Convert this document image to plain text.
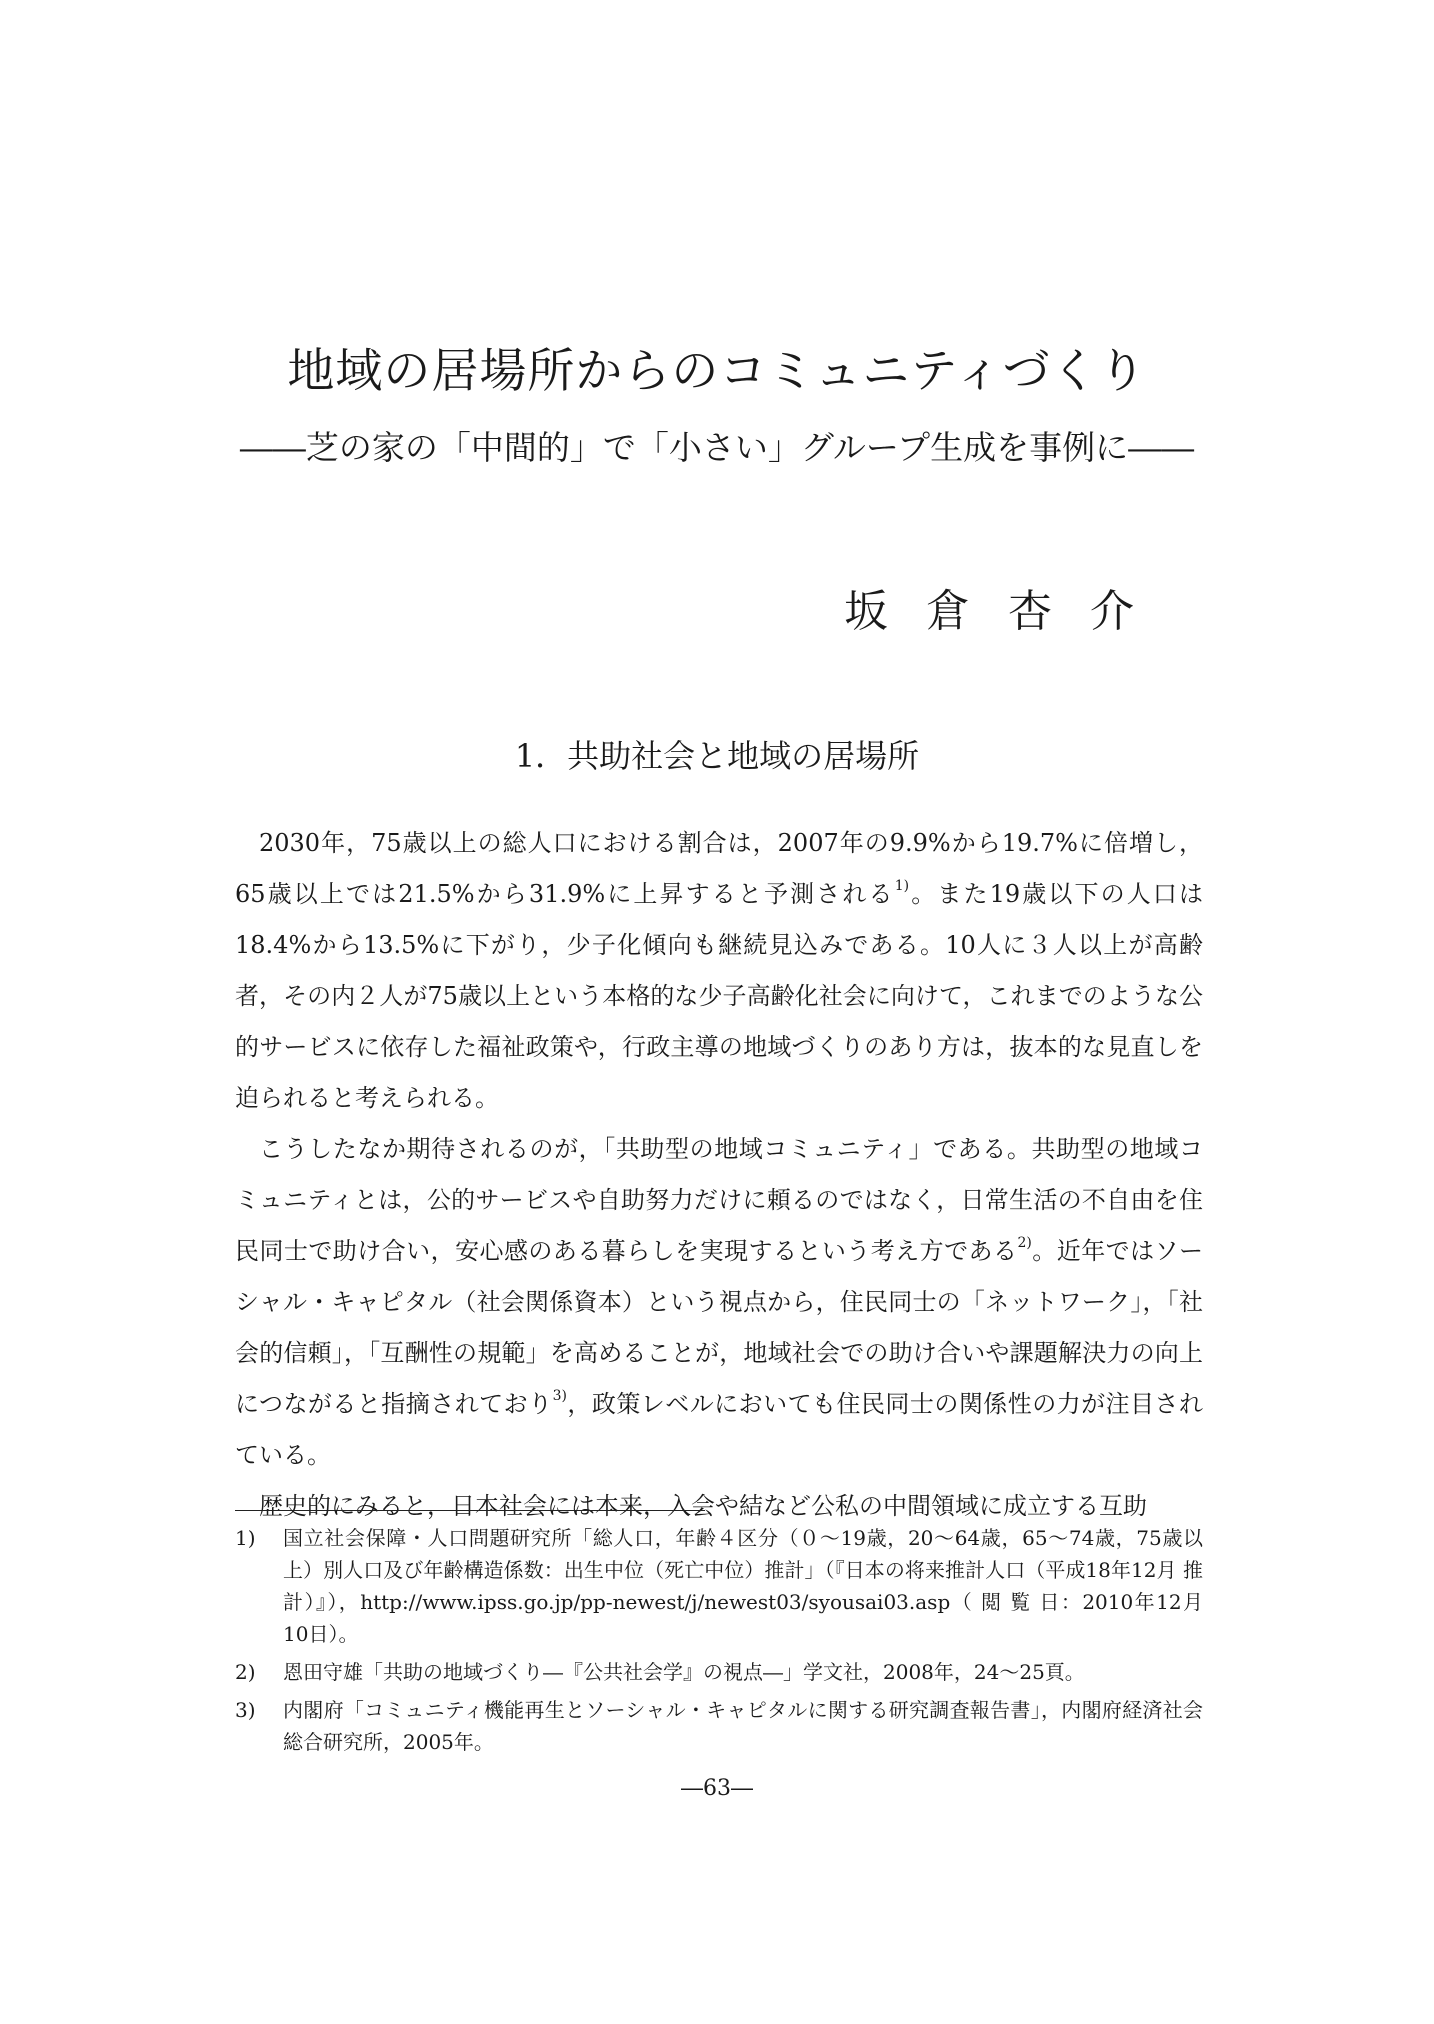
地域の居場所からのコミュニティづくり
――芝の家の「中間的」で「小さい」グループ生成を事例に――
坂倉杏介
1．共助社会と地域の居場所

2030年，75歳以上の総人口における割合は，2007年の9.9%から19.7%に倍増し，65歳以上では21.5%から31.9%に上昇すると予測される$^{1)}$。また19歳以下の人口は18.4%から13.5%に下がり，少子化傾向も継続見込みである。10人に３人以上が高齢者，その内２人が75歳以上という本格的な少子高齢化社会に向けて，これまでのような公的サービスに依存した福祉政策や，行政主導の地域づくりのあり方は，抜本的な見直しを迫られると考えられる。

こうしたなか期待されるのが，「共助型の地域コミュニティ」である。共助型の地域コミュニティとは，公的サービスや自助努力だけに頼るのではなく，日常生活の不自由を住民同士で助け合い，安心感のある暮らしを実現するという考え方である$^{2)}$。近年ではソーシャル・キャピタル（社会関係資本）という視点から，住民同士の「ネットワーク」，「社会的信頼」，「互酬性の規範」を高めることが，地域社会での助け合いや課題解決力の向上につながると指摘されており$^{3)}$，政策レベルにおいても住民同士の関係性の力が注目されている。

歴史的にみると，日本社会には本来，入会や結など公私の中間領域に成立する互助

1)	国立社会保障・人口問題研究所「総人口，年齢４区分（０～19歳，20～64歳，65～74歳，75歳以上）別人口及び年齢構造係数：出生中位（死亡中位）推計」（『日本の将来推計人口（平成18年12月 推 計）』），http://www.ipss.go.jp/pp-newest/j/newest03/syousai03.asp（ 閲 覧 日：2010年12月10日）。
2)	恩田守雄「共助の地域づくり―『公共社会学』の視点―」学文社，2008年，24～25頁。
3)	内閣府「コミュニティ機能再生とソーシャル・キャピタルに関する研究調査報告書」，内閣府経済社会総合研究所，2005年。
―63―
